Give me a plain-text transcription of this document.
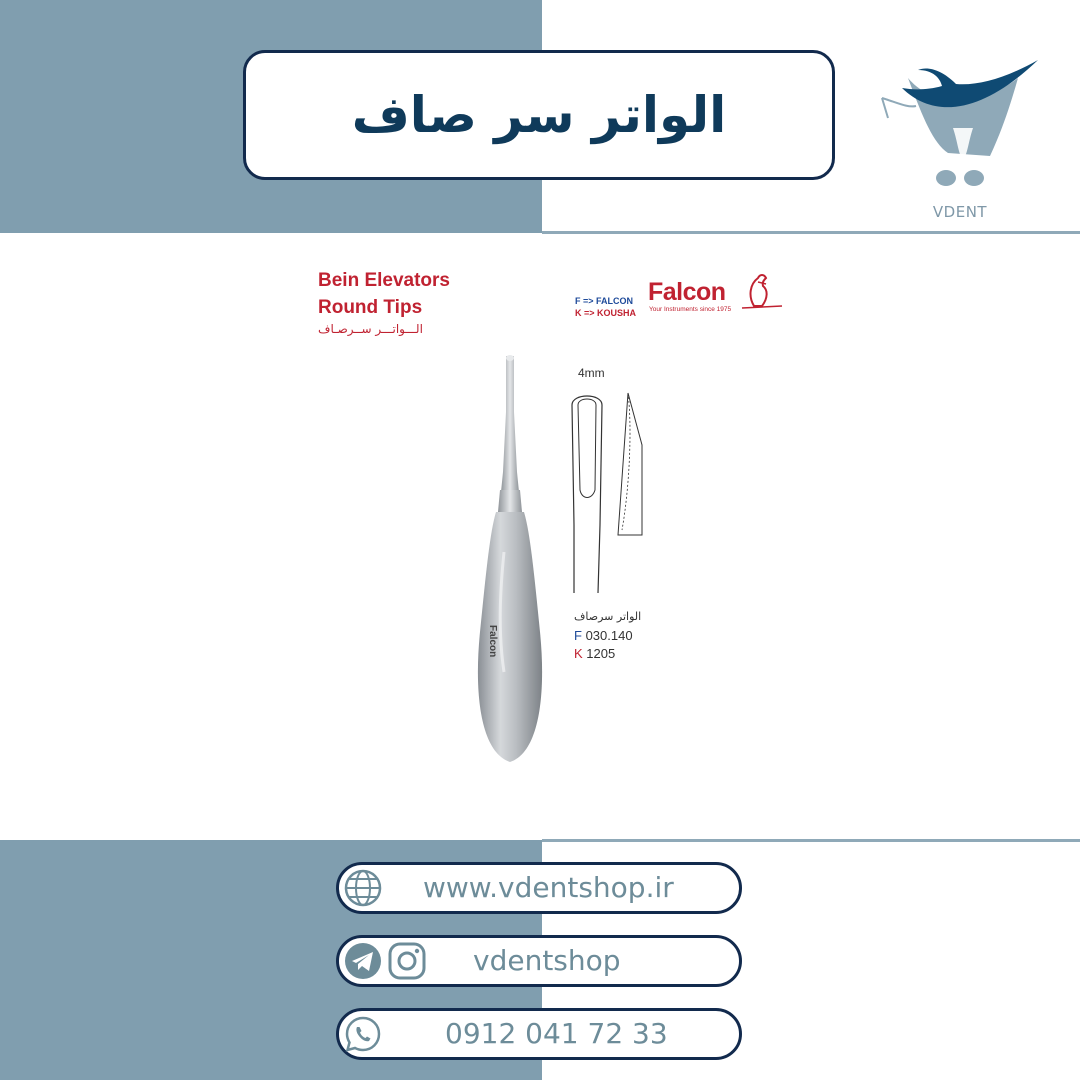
الواتر سر صاف
VDENT
Bein Elevators
Round Tips
الـــواتـــر ســرصـاف
F => FALCON
K => KOUSHA
Falcon
Your Instruments since 1975
Falcon
4mm
الواتر سرصاف
F 030.140
K 1205
www.vdentshop.ir
vdentshop
0912 041 72 33
